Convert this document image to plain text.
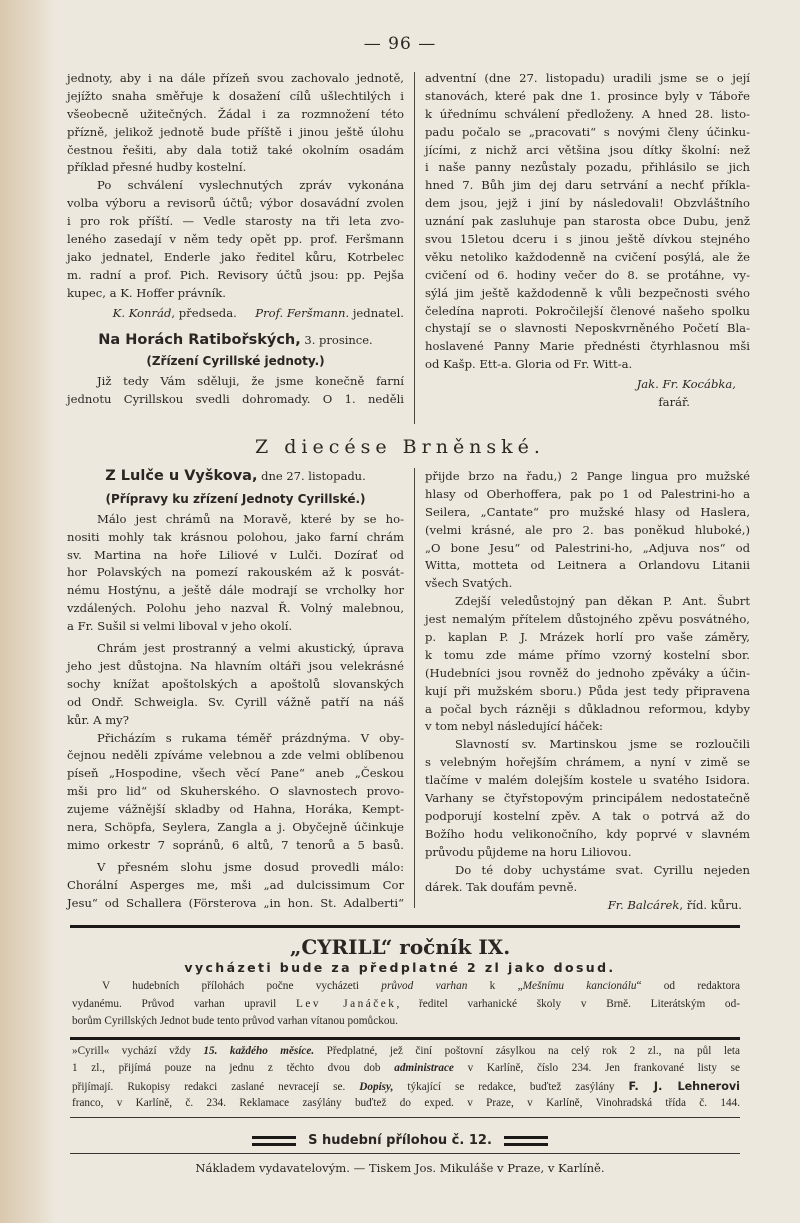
— 96 —
jednoty, aby i na dále přízeň svou zachovalo jednotě,
jejížto snaha směřuje k dosažení cílů ušlechtilých i
všeobecně užitečných. Žádal i za rozmnožení této
přízně, jelikož jednotě bude příště i jinou ještě úlohu
čestnou řešiti, aby dala totiž také okolním osadám
příklad přesné hudby kostelní.
Po schválení vyslechnutých zpráv vykonána
volba výboru a revisorů účtů; výbor dosavádní zvolen
i pro rok příští. — Vedle starosty na tři leta zvo-
leného zasedají v něm tedy opět pp. prof. Feršmann
jako jednatel, Enderle jako ředitel kůru, Kotrbelec
m. radní a prof. Pich. Revisory účtů jsou: pp. Pejša
kupec, a K. Hoffer právník.
K. Konrád, předseda. Prof. Feršmann. jednatel.
Na Horách Ratibořských, 3. prosince.
(Zřízení Cyrillské jednoty.)
Již tedy Vám sděluji, že jsme konečně farní
jednotu Cyrillskou svedli dohromady. O 1. neděli
adventní (dne 27. listopadu) uradili jsme se o její
stanovách, které pak dne 1. prosince byly v Táboře
k úřednímu schválení předloženy. A hned 28. listo-
padu počalo se „pracovati“ s novými členy účinku-
jícími, z nichž arci většina jsou dítky školní: než
i naše panny nezůstaly pozadu, přihlásilo se jich
hned 7. Bůh jim dej daru setrvání a nechť příkla-
dem jsou, jejž i jiní by následovali! Obzvláštního
uznání pak zasluhuje pan starosta obce Dubu, jenž
svou 15letou dceru i s jinou ještě dívkou stejného
věku netoliko každodenně na cvičení posýlá, ale že
cvičení od 6. hodiny večer do 8. se protáhne, vy-
sýlá jim ještě každodenně k vůli bezpečnosti svého
čeledína naproti. Pokročilejší členové našeho spolku
chystají se o slavnosti Neposkvrněného Početí Bla-
hoslavené Panny Marie přednésti čtyrhlasnou mši
od Kašp. Ett-a. Gloria od Fr. Witt-a.
Jak. Fr. Kocábka,
farář.
Z diecése Brněnské.
Z Lulče u Vyškova, dne 27. listopadu.
(Přípravy ku zřízení Jednoty Cyrillské.)
Málo jest chrámů na Moravě, které by se ho-
nositi mohly tak krásnou polohou, jako farní chrám
sv. Martina na hoře Liliové v Lulči. Dozírať od
hor Polavských na pomezí rakouském až k posvát-
nému Hostýnu, a ještě dále modrají se vrcholky hor
vzdálených. Polohu jeho nazval Ř. Volný malebnou,
a Fr. Sušil si velmi liboval v jeho okolí.
Chrám jest prostranný a velmi akustický, úprava
jeho jest důstojna. Na hlavním oltáři jsou velekrásné
sochy knížat apoštolských a apoštolů slovanských
od Ondř. Schweigla. Sv. Cyrill vážně patří na náš
kůr. A my?
Přicházím s rukama téměř prázdnýma. V oby-
čejnou neděli zpíváme velebnou a zde velmi oblíbenou
píseň „Hospodine, všech věcí Pane“ aneb „Českou
mši pro lid“ od Skuherského. O slavnostech provo-
zujeme vážnější skladby od Hahna, Horáka, Kempt-
nera, Schöpfa, Seylera, Zangla a j. Obyčejně účinkuje
mimo orkestr 7 sopránů, 6 altů, 7 tenorů a 5 basů.
V přesném slohu jsme dosud provedli málo:
Chorální Asperges me, mši „ad dulcissimum Cor
Jesu“ od Schallera (Försterova „in hon. St. Adalberti“
přijde brzo na řadu,) 2 Pange lingua pro mužské
hlasy od Oberhoffera, pak po 1 od Palestrini-ho a
Seilera, „Cantate“ pro mužské hlasy od Haslera,
(velmi krásné, ale pro 2. bas poněkud hluboké,)
„O bone Jesu“ od Palestrini-ho, „Adjuva nos“ od
Witta, motteta od Leitnera a Orlandovu Litanii
všech Svatých.
Zdejší veledůstojný pan děkan P. Ant. Šubrt
jest nemalým přítelem důstojného zpěvu posvátného,
p. kaplan P. J. Mrázek horlí pro vaše záměry,
k tomu zde máme přímo vzorný kostelní sbor.
(Hudebníci jsou rovněž do jednoho zpěváky a účin-
kují při mužském sboru.) Půda jest tedy připravena
a počal bych rázněji s důkladnou reformou, kdyby
v tom nebyl následující háček:
Slavností sv. Martinskou jsme se rozloučili
s velebným hořejším chrámem, a nyní v zimě se
tlačíme v malém dolejším kostele u svatého Isidora.
Varhany se čtyřstopovým principálem nedostatečně
podporují kostelní zpěv. A tak o potrvá až do
Božího hodu velikonočního, kdy poprvé v slavném
průvodu půjdeme na horu Liliovou.
Do té doby uchystáme svat. Cyrillu nejeden
dárek. Tak doufám pevně.
Fr. Balcárek, říd. kůru.
„CYRILL“ ročník IX.
vycházeti bude za předplatné 2 zl jako dosud.
V hudebních přílohách počne vycházeti průvod varhan k „Mešnímu kancionálu“ od redaktora
vydanému. Průvod varhan upravil Lev Janáček, ředitel varhanické školy v Brně. Literátským od-
borům Cyrillských Jednot bude tento průvod varhan vítanou pomůckou.
»Cyrill« vychází vždy 15. každého měsíce. Předplatné, jež činí poštovní zásylkou na celý rok 2 zl., na půl leta
1 zl., přijímá pouze na jednu z těchto dvou dob administrace v Karlíně, číslo 234. Jen frankované listy se
přijímají. Rukopisy redakci zaslané nevracejí se. Dopisy, týkající se redakce, buďtež zasýlány F. J. Lehnerovi
franco, v Karlíně, č. 234. Reklamace zasýlány buďtež do exped. v Praze, v Karlíně, Vinohradská třída č. 144.
S hudební přílohou č. 12.
Nákladem vydavatelovým. — Tiskem Jos. Mikuláše v Praze, v Karlíně.
